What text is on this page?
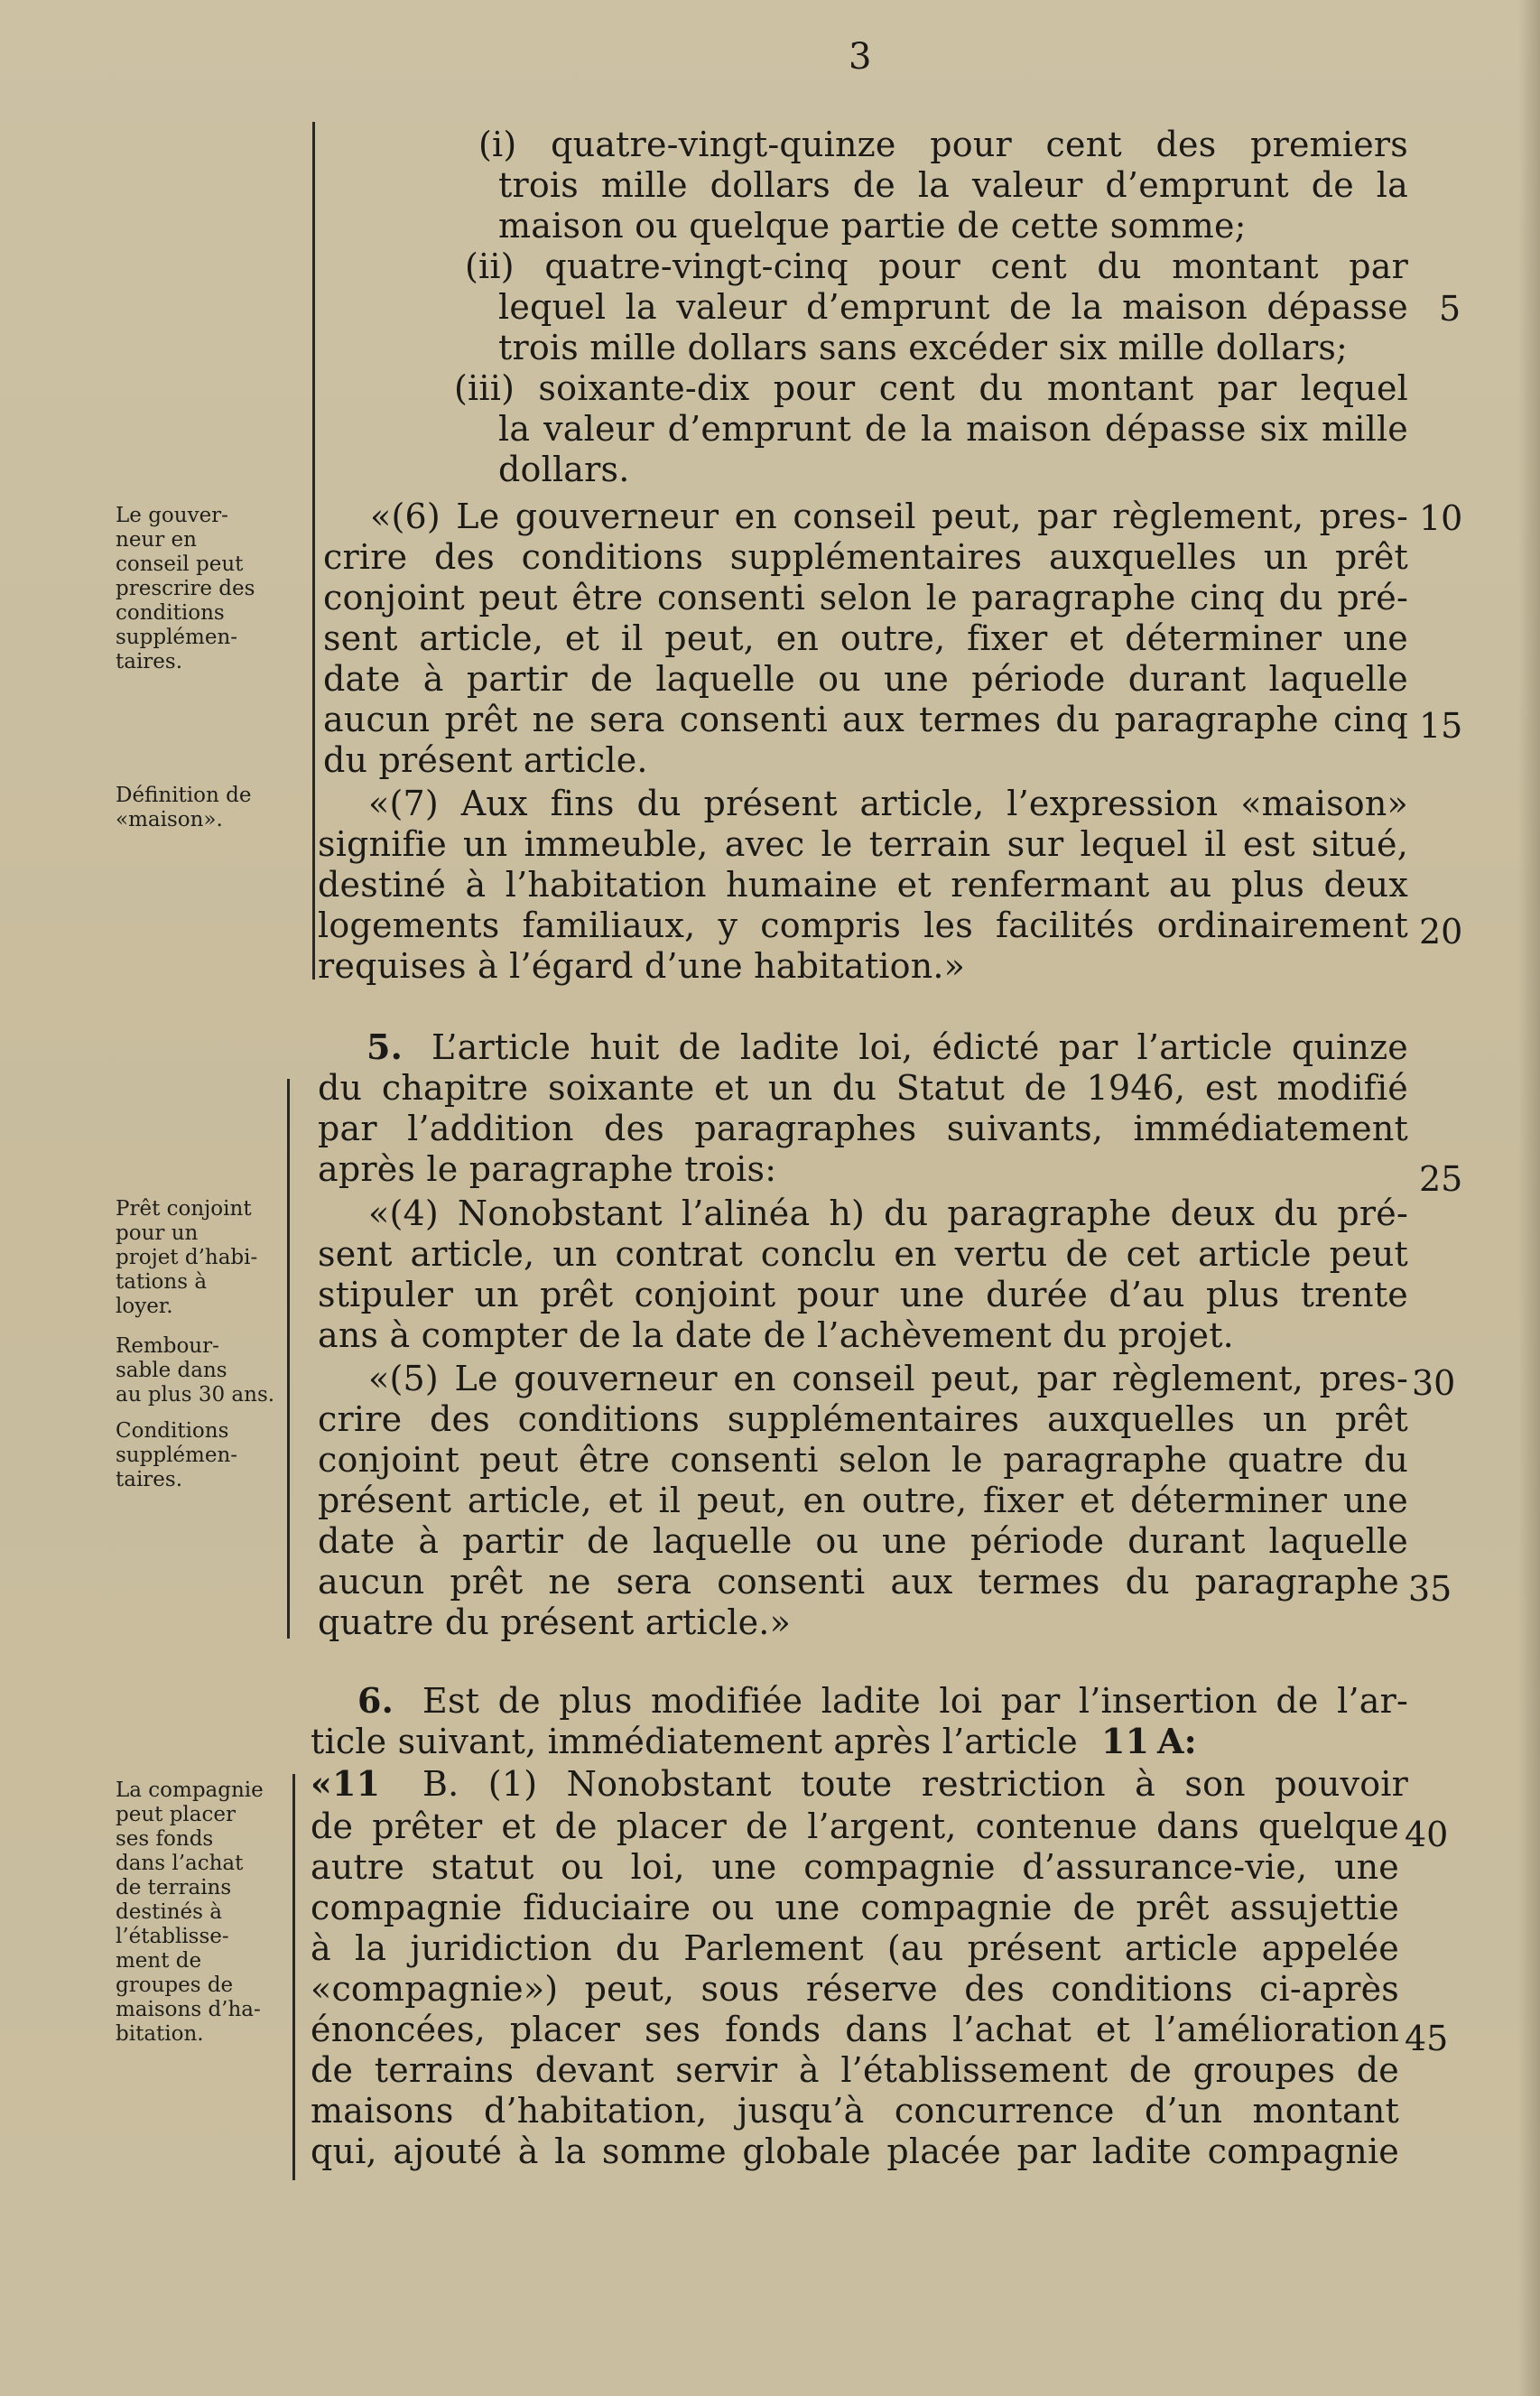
3
Le gouver-
neur en
conseil peut
prescrire des
conditions
supplémen-
taires.
Définition de
«maison».
Prêt conjoint
pour un
projet d’habi-
tations à
loyer.
Rembour-
sable dans
au plus 30 ans.
Conditions
supplémen-
taires.
La compagnie
peut placer
ses fonds
dans l’achat
de terrains
destinés à
l’établisse-
ment de
groupes de
maisons d’ha-
bitation.
(i) quatre-vingt-quinze pour cent des premiers
trois mille dollars de la valeur d’emprunt de la
maison ou quelque partie de cette somme;
(ii) quatre-vingt-cinq pour cent du montant par
lequel la valeur d’emprunt de la maison dépasse
trois mille dollars sans excéder six mille dollars;
(iii) soixante-dix pour cent du montant par lequel
la valeur d’emprunt de la maison dépasse six mille
dollars.
«(6) Le gouverneur en conseil peut, par règlement, pres-
crire des conditions supplémentaires auxquelles un prêt
conjoint peut être consenti selon le paragraphe cinq du pré-
sent article, et il peut, en outre, fixer et déterminer une
date à partir de laquelle ou une période durant laquelle
aucun prêt ne sera consenti aux termes du paragraphe cinq
du présent article.
«(7) Aux fins du présent article, l’expression «maison»
signifie un immeuble, avec le terrain sur lequel il est situé,
destiné à l’habitation humaine et renfermant au plus deux
logements familiaux, y compris les facilités ordinairement
requises à l’égard d’une habitation.»
L’article huit de ladite loi, édicté par l’article quinze
du chapitre soixante et un du Statut de 1946, est modifié
par l’addition des paragraphes suivants, immédiatement
après le paragraphe trois:
«(4) Nonobstant l’alinéa h) du paragraphe deux du pré-
sent article, un contrat conclu en vertu de cet article peut
stipuler un prêt conjoint pour une durée d’au plus trente
ans à compter de la date de l’achèvement du projet.
«(5) Le gouverneur en conseil peut, par règlement, pres-
crire des conditions supplémentaires auxquelles un prêt
conjoint peut être consenti selon le paragraphe quatre du
présent article, et il peut, en outre, fixer et déterminer une
date à partir de laquelle ou une période durant laquelle
aucun prêt ne sera consenti aux termes du paragraphe
quatre du présent article.»
Est de plus modifiée ladite loi par l’insertion de l’ar-
ticle suivant, immédiatement après l’article
B. (1) Nonobstant toute restriction à son pouvoir
de prêter et de placer de l’argent, contenue dans quelque
autre statut ou loi, une compagnie d’assurance-vie, une
compagnie fiduciaire ou une compagnie de prêt assujettie
à la juridiction du Parlement (au présent article appelée
«compagnie») peut, sous réserve des conditions ci-après
énoncées, placer ses fonds dans l’achat et l’amélioration
de terrains devant servir à l’établissement de groupes de
maisons d’habitation, jusqu’à concurrence d’un montant
qui, ajouté à la somme globale placée par ladite compagnie
5.
6.
11 A:
«11
5
10
15
20
25
30
35
40
45
